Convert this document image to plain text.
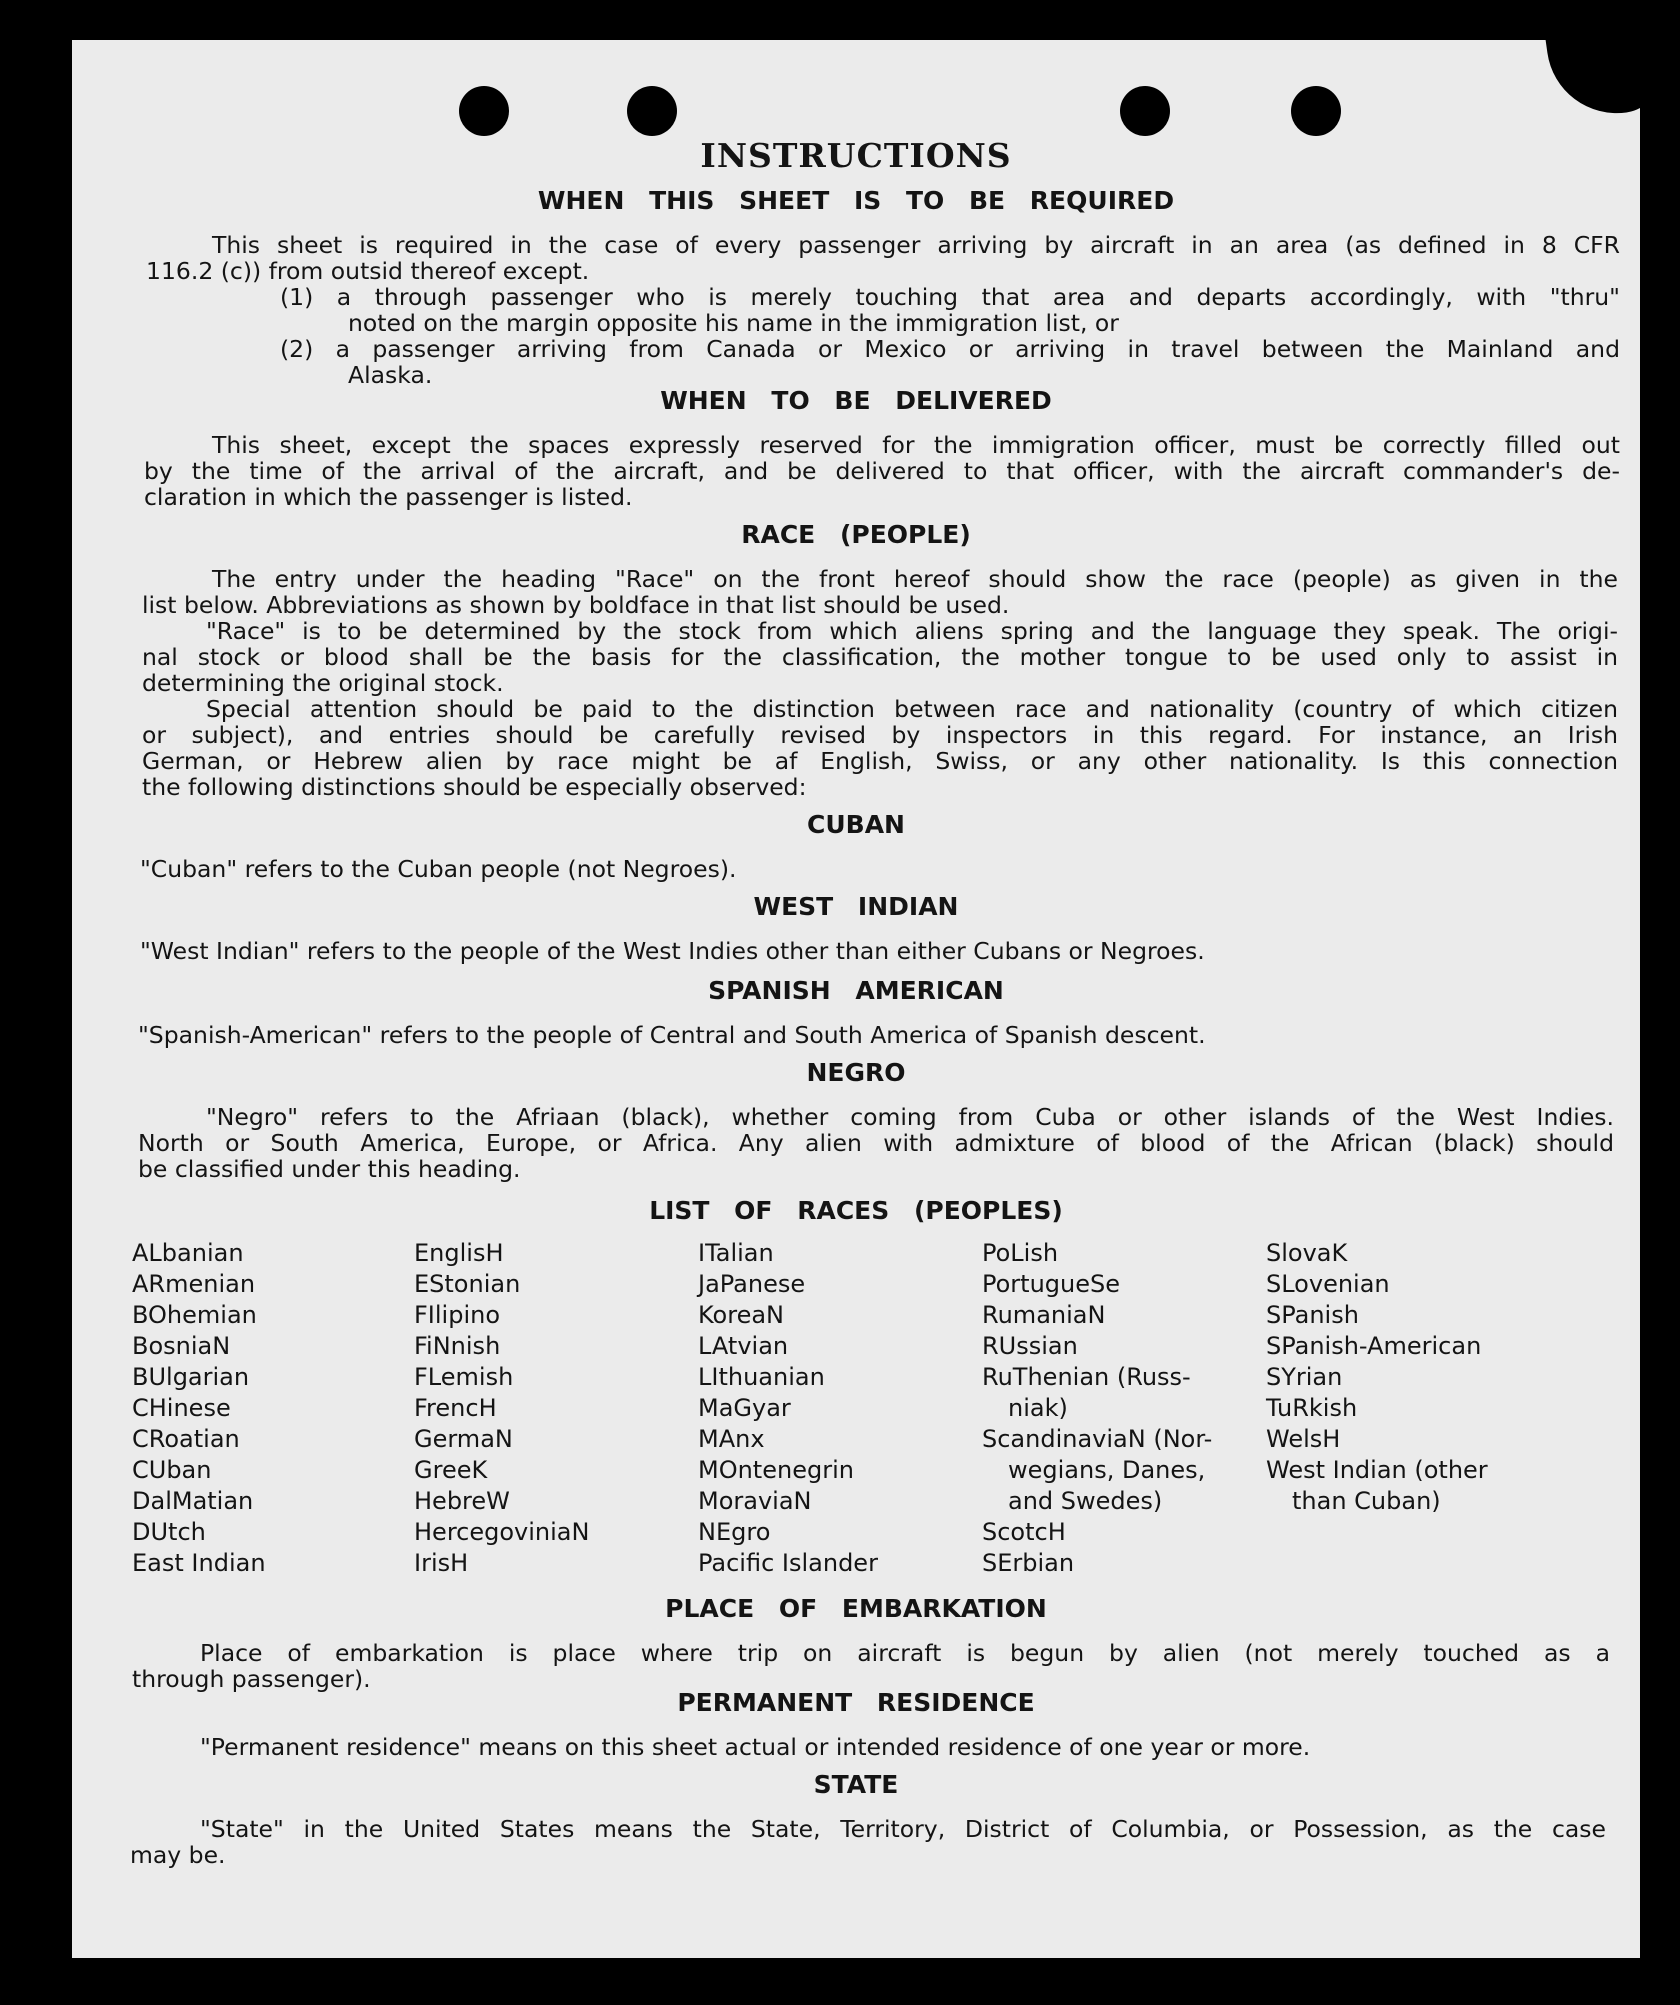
INSTRUCTIONS
WHEN THIS SHEET IS TO BE REQUIRED
This sheet is required in the case of every passenger arriving by aircraft in an area (as defined in 8 CFR
116.2 (c)) from outsid thereof except.
(1) a through passenger who is merely touching that area and departs accordingly, with "thru"
noted on the margin opposite his name in the immigration list, or
(2) a passenger arriving from Canada or Mexico or arriving in travel between the Mainland and
Alaska.
WHEN TO BE DELIVERED
This sheet, except the spaces expressly reserved for the immigration officer, must be correctly filled out
by the time of the arrival of the aircraft, and be delivered to that officer, with the aircraft commander's de-
claration in which the passenger is listed.
RACE (PEOPLE)
The entry under the heading "Race" on the front hereof should show the race (people) as given in the
list below. Abbreviations as shown by boldface in that list should be used.
"Race" is to be determined by the stock from which aliens spring and the language they speak. The origi-
nal stock or blood shall be the basis for the classification, the mother tongue to be used only to assist in
determining the original stock.
Special attention should be paid to the distinction between race and nationality (country of which citizen
or subject), and entries should be carefully revised by inspectors in this regard. For instance, an Irish
German, or Hebrew alien by race might be af English, Swiss, or any other nationality. Is this connection
the following distinctions should be especially observed:
CUBAN
"Cuban" refers to the Cuban people (not Negroes).
WEST INDIAN
"West Indian" refers to the people of the West Indies other than either Cubans or Negroes.
SPANISH AMERICAN
"Spanish-American" refers to the people of Central and South America of Spanish descent.
NEGRO
"Negro" refers to the Afriaan (black), whether coming from Cuba or other islands of the West Indies.
North or South America, Europe, or Africa. Any alien with admixture of blood of the African (black) should
be classified under this heading.
LIST OF RACES (PEOPLES)
ALbanian
ARmenian
BOhemian
BosniaN
BUlgarian
CHinese
CRoatian
CUban
DalMatian
DUtch
East Indian
EnglisH
EStonian
FIlipino
FiNnish
FLemish
FrencH
GermaN
GreeK
HebreW
HercegoviniaN
IrisH
ITalian
JaPanese
KoreaN
LAtvian
LIthuanian
MaGyar
MAnx
MOntenegrin
MoraviaN
NEgro
Pacific Islander
PoLish
PortugueSe
RumaniaN
RUssian
RuThenian (Russ-
niak)
ScandinaviaN (Nor-
wegians, Danes,
and Swedes)
ScotcH
SErbian
SlovaK
SLovenian
SPanish
SPanish-American
SYrian
TuRkish
WelsH
West Indian (other
than Cuban)
PLACE OF EMBARKATION
Place of embarkation is place where trip on aircraft is begun by alien (not merely touched as a
through passenger).
PERMANENT RESIDENCE
"Permanent residence" means on this sheet actual or intended residence of one year or more.
STATE
"State" in the United States means the State, Territory, District of Columbia, or Possession, as the case
may be.
